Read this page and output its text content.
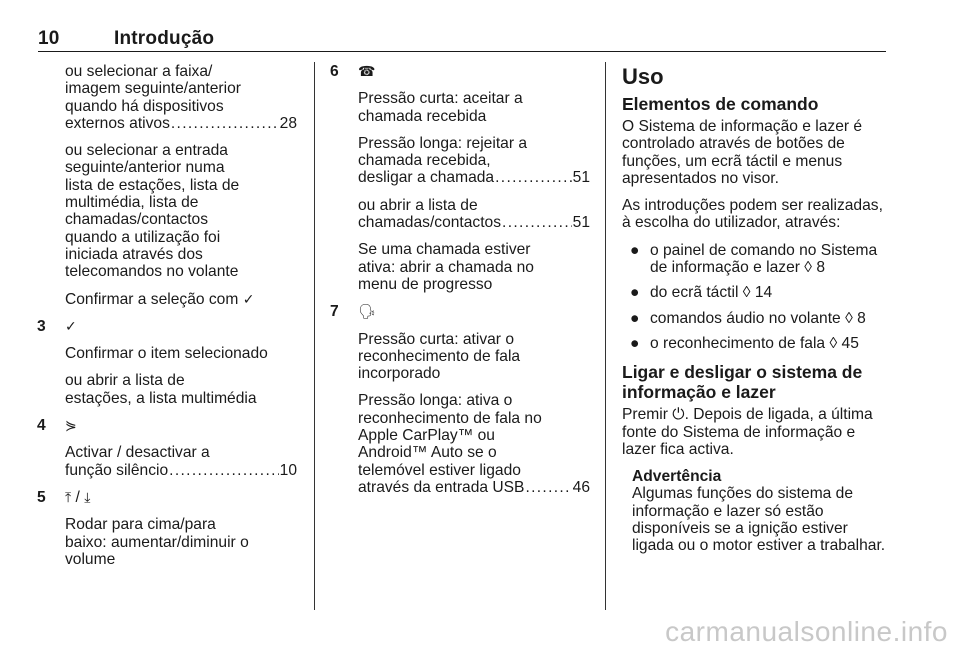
10	Introdução

ou selecionar a faixa/

imagem seguinte/anterior

quando há dispositivos

externos ativos . . .	28

ou selecionar a entrada

seguinte/anterior numa

lista de estações, lista de

multimédia, lista de

chamadas/contactos

quando a utilização foi

iniciada através dos

telecomandos no volante

Confirmar a seleção com ✓

3 ✓

Confirmar o item selecionado

ou abrir a lista de

estações, a lista multimédia

4 ⋟

Activar / desactivar a

função silêncio . . .	10

5 ⤒ / ⤓

Rodar para cima/para

baixo: aumentar/diminuir o

volume

6 ☎

Pressão curta: aceitar a

chamada recebida

Pressão longa: rejeitar a

chamada recebida,

desligar a chamada . . .	51

ou abrir a lista de

chamadas/contactos . . .	51

Se uma chamada estiver

ativa: abrir a chamada no

menu de progresso

7 🗣

Pressão curta: ativar o

reconhecimento de fala

incorporado

Pressão longa: ativa o

reconhecimento de fala no

Apple CarPlay™ ou

Android™ Auto se o

telemóvel estiver ligado

através da entrada USB . . .	46

Uso
Elementos de comando

O Sistema de informação e lazer é

controlado através de botões de

funções, um ecrã táctil e menus

apresentados no visor.

As introduções podem ser realizadas,

à escolha do utilizador, através:

● o painel de comando no Sistema

de informação e lazer ◊ 8

● do ecrã táctil ◊ 14

● comandos áudio no volante ◊ 8

● o reconhecimento de fala ◊ 45

Ligar e desligar o sistema de
informação e lazer

Premir ⏻. Depois de ligada, a última

fonte do Sistema de informação e

lazer fica activa.

Advertência

Algumas funções do sistema de

informação e lazer só estão

disponíveis se a ignição estiver

ligada ou o motor estiver a trabalhar.

carmanualsonline.info
